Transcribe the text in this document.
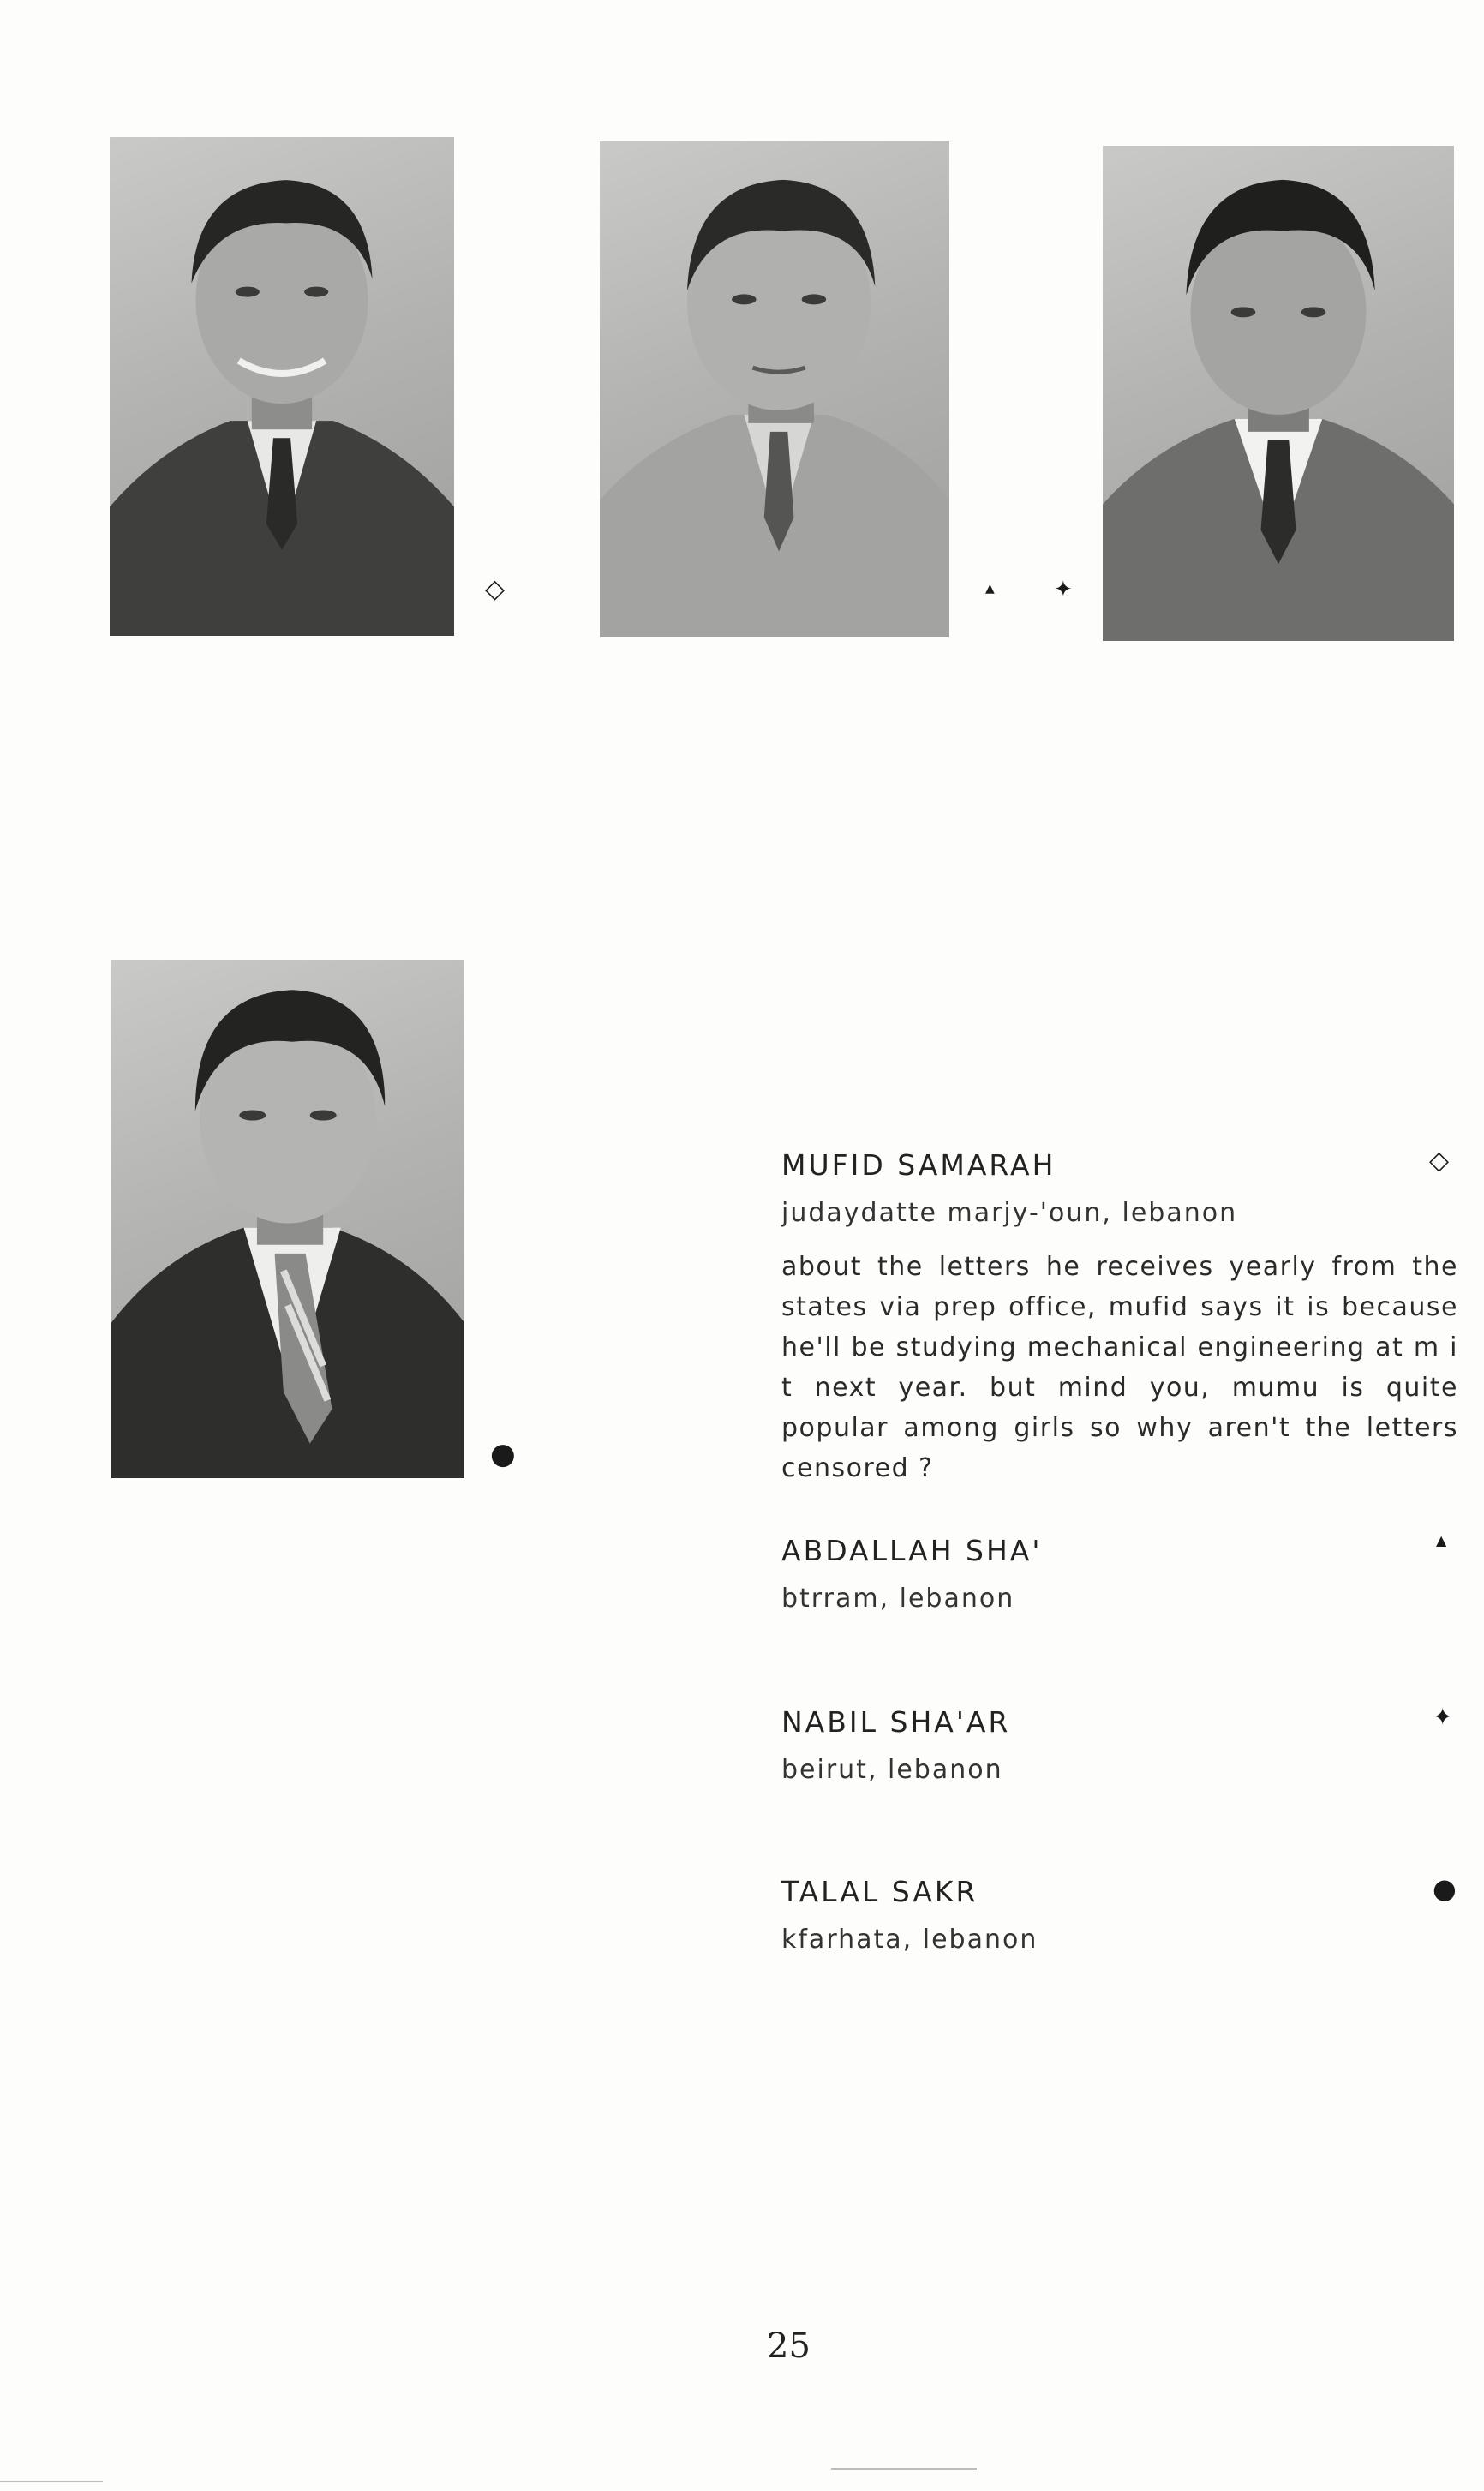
◇	▲	✦
●
MUFID SAMARAH	◇
judaydatte marjy-'oun, lebanon

about the letters he receives yearly from the states via prep office, mufid says it is because he'll be studying mechanical engineering at m i t next year. but mind you, mumu is quite popular among girls so why aren't the letters censored ?

ABDALLAH SHA'	▲
btrram, lebanon
NABIL SHA'AR	✦
beirut, lebanon
TALAL SAKR	●
kfarhata, lebanon
25
